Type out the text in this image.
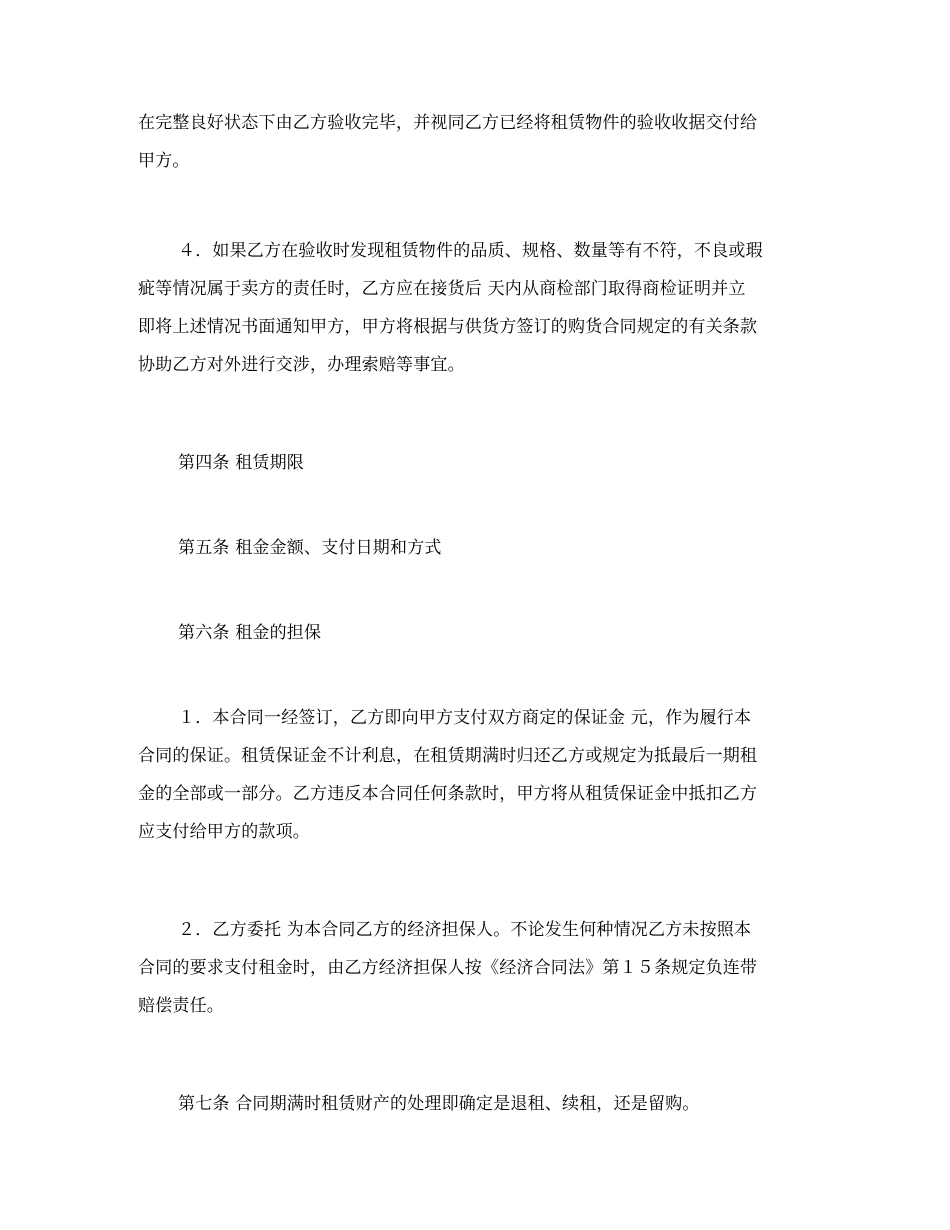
在完整良好状态下由乙方验收完毕，并视同乙方已经将租赁物件的验收收据交付给
甲方。
４．如果乙方在验收时发现租赁物件的品质、规格、数量等有不符，不良或瑕
疵等情况属于卖方的责任时，乙方应在接货后 天内从商检部门取得商检证明并立
即将上述情况书面通知甲方，甲方将根据与供货方签订的购货合同规定的有关条款
协助乙方对外进行交涉，办理索赔等事宜。
第四条 租赁期限
第五条 租金金额、支付日期和方式
第六条 租金的担保
１．本合同一经签订，乙方即向甲方支付双方商定的保证金 元，作为履行本
合同的保证。租赁保证金不计利息，在租赁期满时归还乙方或规定为抵最后一期租
金的全部或一部分。乙方违反本合同任何条款时，甲方将从租赁保证金中抵扣乙方
应支付给甲方的款项。
２．乙方委托 为本合同乙方的经济担保人。不论发生何种情况乙方未按照本
合同的要求支付租金时，由乙方经济担保人按《经济合同法》第１５条规定负连带
赔偿责任。
第七条 合同期满时租赁财产的处理即确定是退租、续租，还是留购。
